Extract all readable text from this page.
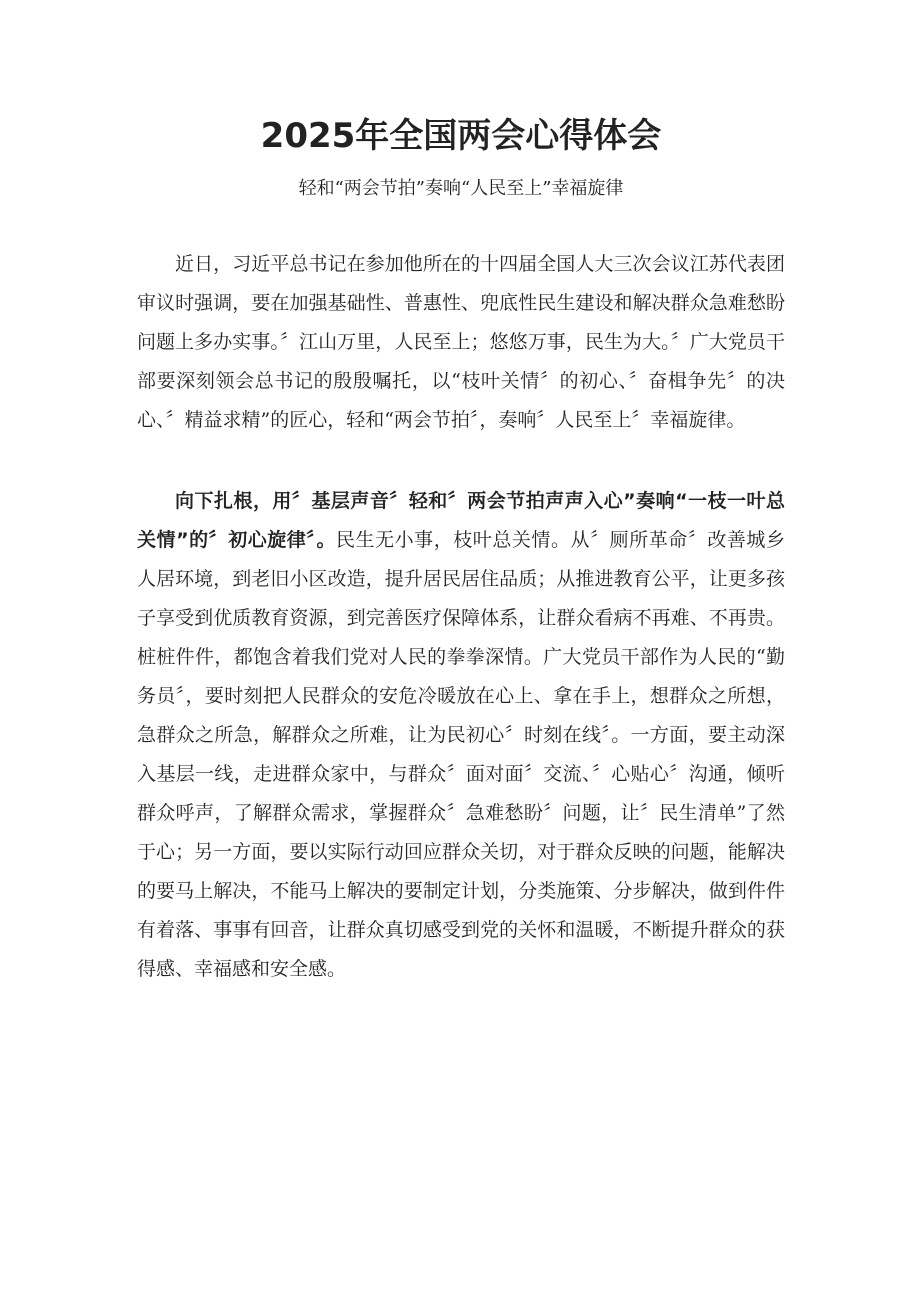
2025年全国两会心得体会
轻和“两会节拍”奏响“人民至上”幸福旋律

近日，习近平总书记在参加他所在的十四届全国人大三次会议江苏代表团审议时强调，要在加强基础性、普惠性、兜底性民生建设和解决群众急难愁盼问题上多办实事。〞江山万里，人民至上；悠悠万事，民生为大。〞广大党员干部要深刻领会总书记的殷殷嘱托，以“枝叶关情〞的初心、〞奋楫争先〞的决心、〞精益求精”的匠心，轻和“两会节拍〞，奏响〞人民至上〞幸福旋律。

向下扎根，用〞基层声音〞轻和〞两会节拍声声入心”奏响“一枝一叶总关情”的〞初心旋律〞。民生无小事，枝叶总关情。从〞厕所革命〞改善城乡人居环境，到老旧小区改造，提升居民居住品质；从推进教育公平，让更多孩子享受到优质教育资源，到完善医疗保障体系，让群众看病不再难、不再贵。桩桩件件，都饱含着我们党对人民的拳拳深情。广大党员干部作为人民的“勤务员〞，要时刻把人民群众的安危冷暖放在心上、拿在手上，想群众之所想，急群众之所急，解群众之所难，让为民初心〞时刻在线〞。一方面，要主动深入基层一线，走进群众家中，与群众〞面对面〞交流、〞心贴心〞沟通，倾听群众呼声，了解群众需求，掌握群众〞急难愁盼〞问题，让〞民生清单”了然于心；另一方面，要以实际行动回应群众关切，对于群众反映的问题，能解决的要马上解决，不能马上解决的要制定计划，分类施策、分步解决，做到件件有着落、事事有回音，让群众真切感受到党的关怀和温暖，不断提升群众的获得感、幸福感和安全感。
